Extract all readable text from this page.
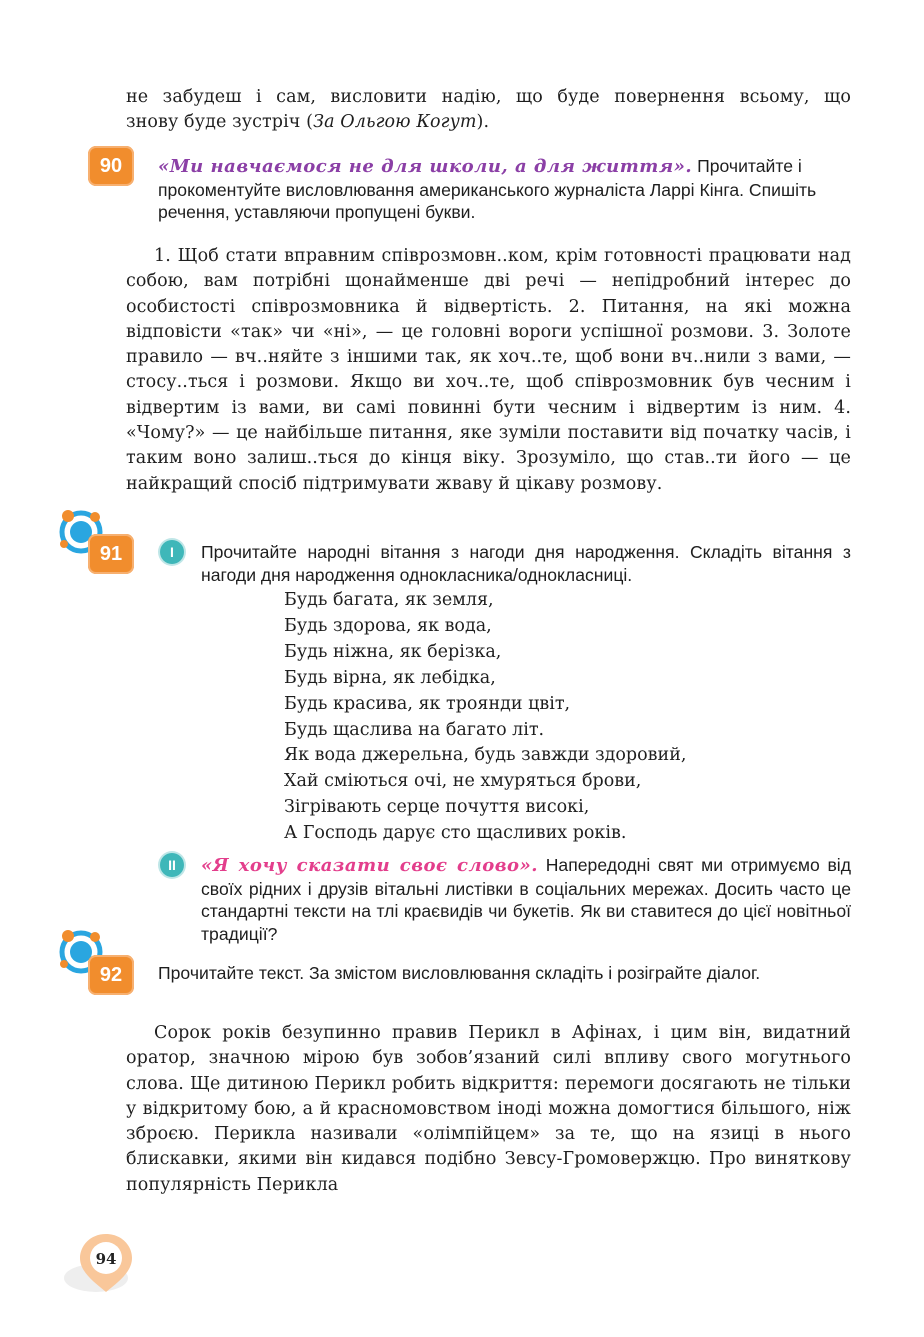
не забудеш і сам, висловити надію, що буде повернення всьому, що
знову буде зустріч (За Ольгою Когут).
90 «Ми навчаємося не для школи, а для життя». Прочитайте і прокоментуйте висловлювання американського журналіста Ларрі Кінга. Спишіть речення, уставляючи пропущені букви.
1. Щоб стати вправним співрозмовн..ком, крім готовності працювати над собою, вам потрібні щонайменше дві речі — непідробний інтерес до особистості співрозмовника й відвертість. 2. Питання, на які можна відповісти «так» чи «ні», — це головні вороги успішної розмови. 3. Золоте правило — вч..няйте з іншими так, як хоч..те, щоб вони вч..нили з вами, — стосу..ться і розмови. Якщо ви хоч..те, щоб співрозмовник був чесним і відвертим із вами, ви самі повинні бути чесним і відвертим із ним. 4. «Чому?» — це найбільше питання, яке зуміли поставити від початку часів, і таким воно залиш..ться до кінця віку. Зрозуміло, що став..ти його — це найкращий спосіб підтримувати жваву й цікаву розмову.
91	I Прочитайте народні вітання з нагоди дня народження. Складіть вітання з нагоди дня народження однокласника/однокласниці.
Будь багата, як земля,
Будь здорова, як вода,
Будь ніжна, як берізка,
Будь вірна, як лебідка,
Будь красива, як троянди цвіт,
Будь щаслива на багато літ.
Як вода джерельна, будь завжди здоровий,
Хай сміються очі, не хмуряться брови,
Зігрівають серце почуття високі,
А Господь дарує сто щасливих років.
II «Я хочу сказати своє слово». Напередодні свят ми отримуємо від своїх рідних і друзів вітальні листівки в соціальних мережах. Досить часто це стандартні тексти на тлі краєвидів чи букетів. Як ви ставитеся до цієї новітньої традиції?
92 Прочитайте текст. За змістом висловлювання складіть і розіграйте діалог.
Сорок років безупинно правив Перикл в Афінах, і цим він, видатний оратор, значною мірою був зобов’язаний силі впливу свого могутнього слова. Ще дитиною Перикл робить відкриття: перемоги досягають не тільки у відкритому бою, а й красномовством іноді можна домогтися більшого, ніж зброєю. Перикла називали «олімпійцем» за те, що на язиці в нього блискавки, якими він кидався подібно Зевсу-Громовержцю. Про виняткову популярність Перикла
94
